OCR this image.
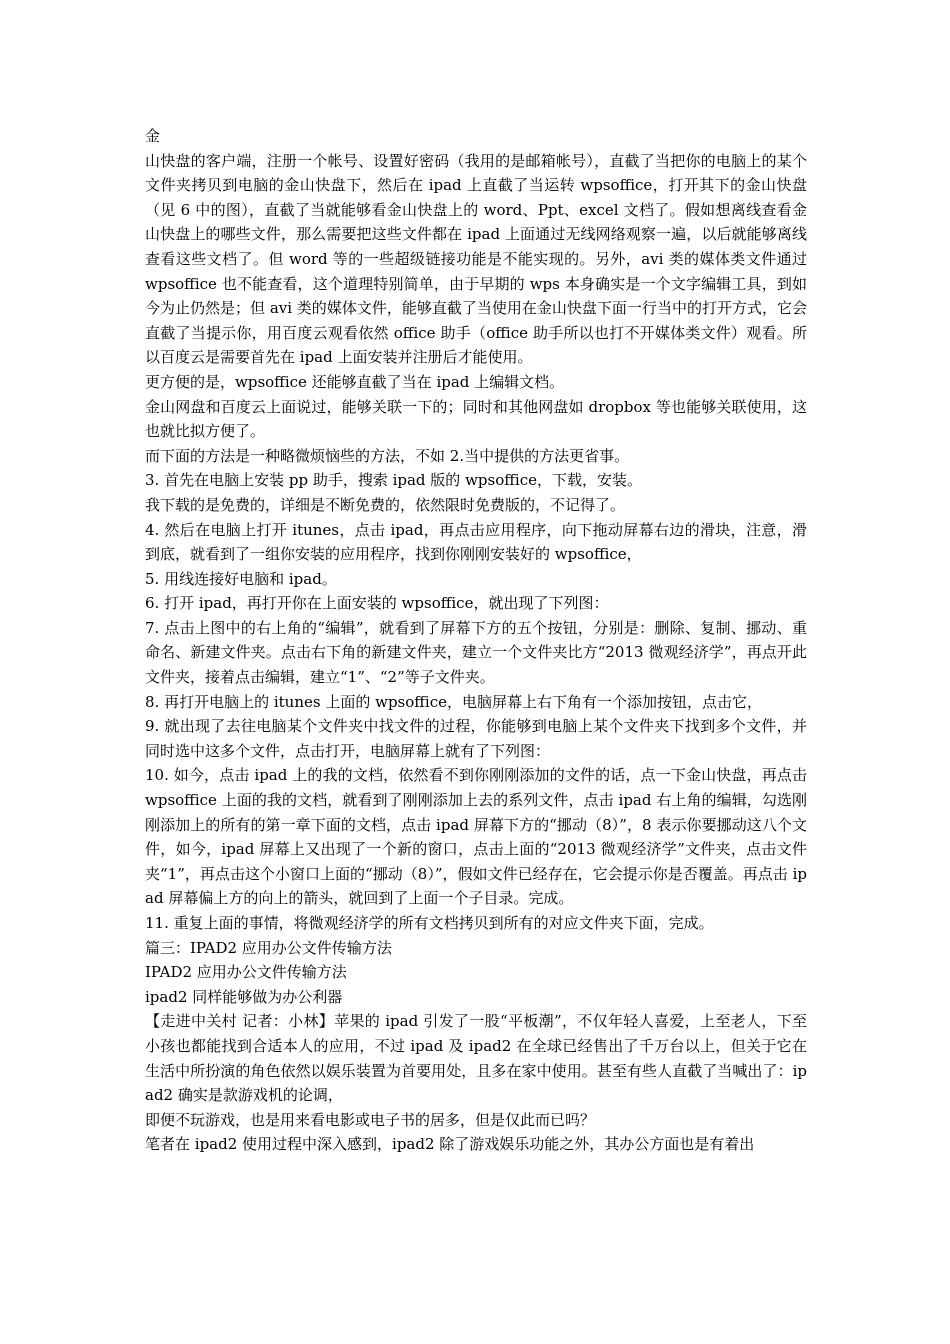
金

山快盘的客户端，注册一个帐号、设置好密码（我用的是邮箱帐号），直截了当把你的电脑上的某个文件夹拷贝到电脑的金山快盘下，然后在 ipad 上直截了当运转 wpsoffice，打开其下的金山快盘（见 6 中的图），直截了当就能够看金山快盘上的 word、Ppt、excel 文档了。假如想离线查看金山快盘上的哪些文件，那么需要把这些文件都在 ipad 上面通过无线网络观察一遍，以后就能够离线查看这些文档了。但 word 等的一些超级链接功能是不能实现的。另外，avi 类的媒体类文件通过 wpsoffice 也不能查看，这个道理特别简单，由于早期的 wps 本身确实是一个文字编辑工具，到如今为止仍然是；但 avi 类的媒体文件，能够直截了当使用在金山快盘下面一行当中的打开方式，它会直截了当提示你，用百度云观看依然 office 助手（office 助手所以也打不开媒体类文件）观看。所以百度云是需要首先在 ipad 上面安装并注册后才能使用。

更方便的是，wpsoffice 还能够直截了当在 ipad 上编辑文档。

金山网盘和百度云上面说过，能够关联一下的；同时和其他网盘如 dropbox 等也能够关联使用，这也就比拟方便了。

而下面的方法是一种略微烦恼些的方法，不如 2.当中提供的方法更省事。

3. 首先在电脑上安装 pp 助手，搜索 ipad 版的 wpsoffice，下载，安装。

我下载的是免费的，详细是不断免费的，依然限时免费版的，不记得了。

4. 然后在电脑上打开 itunes，点击 ipad，再点击应用程序，向下拖动屏幕右边的滑块，注意，滑到底，就看到了一组你安装的应用程序，找到你刚刚安装好的 wpsoffice，

5. 用线连接好电脑和 ipad。

6. 打开 ipad，再打开你在上面安装的 wpsoffice，就出现了下列图：

7. 点击上图中的右上角的“编辑”，就看到了屏幕下方的五个按钮，分别是：删除、复制、挪动、重命名、新建文件夹。点击右下角的新建文件夹，建立一个文件夹比方“2013 微观经济学”，再点开此文件夹，接着点击编辑，建立“1”、“2”等子文件夹。

8. 再打开电脑上的 itunes 上面的 wpsoffice，电脑屏幕上右下角有一个添加按钮，点击它，

9. 就出现了去往电脑某个文件夹中找文件的过程，你能够到电脑上某个文件夹下找到多个文件，并同时选中这多个文件，点击打开，电脑屏幕上就有了下列图：

10. 如今，点击 ipad 上的我的文档，依然看不到你刚刚添加的文件的话，点一下金山快盘，再点击 wpsoffice 上面的我的文档，就看到了刚刚添加上去的系列文件，点击 ipad 右上角的编辑，勾选刚刚添加上的所有的第一章下面的文档，点击 ipad 屏幕下方的“挪动（8）”，8 表示你要挪动这八个文件，如今，ipad 屏幕上又出现了一个新的窗口，点击上面的“2013 微观经济学”文件夹，点击文件夹“1”，再点击这个小窗口上面的“挪动（8）”，假如文件已经存在，它会提示你是否覆盖。再点击 ipad 屏幕偏上方的向上的箭头，就回到了上面一个子目录。完成。

11. 重复上面的事情，将微观经济学的所有文档拷贝到所有的对应文件夹下面，完成。

篇三：IPAD2 应用办公文件传输方法

IPAD2 应用办公文件传输方法

ipad2 同样能够做为办公利器

【走进中关村 记者：小林】苹果的 ipad 引发了一股“平板潮”，不仅年轻人喜爱，上至老人，下至小孩也都能找到合适本人的应用，不过 ipad 及 ipad2 在全球已经售出了千万台以上，但关于它在生活中所扮演的角色依然以娱乐装置为首要用处，且多在家中使用。甚至有些人直截了当喊出了：ipad2 确实是款游戏机的论调，

即便不玩游戏，也是用来看电影或电子书的居多，但是仅此而已吗？

笔者在 ipad2 使用过程中深入感到，ipad2 除了游戏娱乐功能之外，其办公方面也是有着出
